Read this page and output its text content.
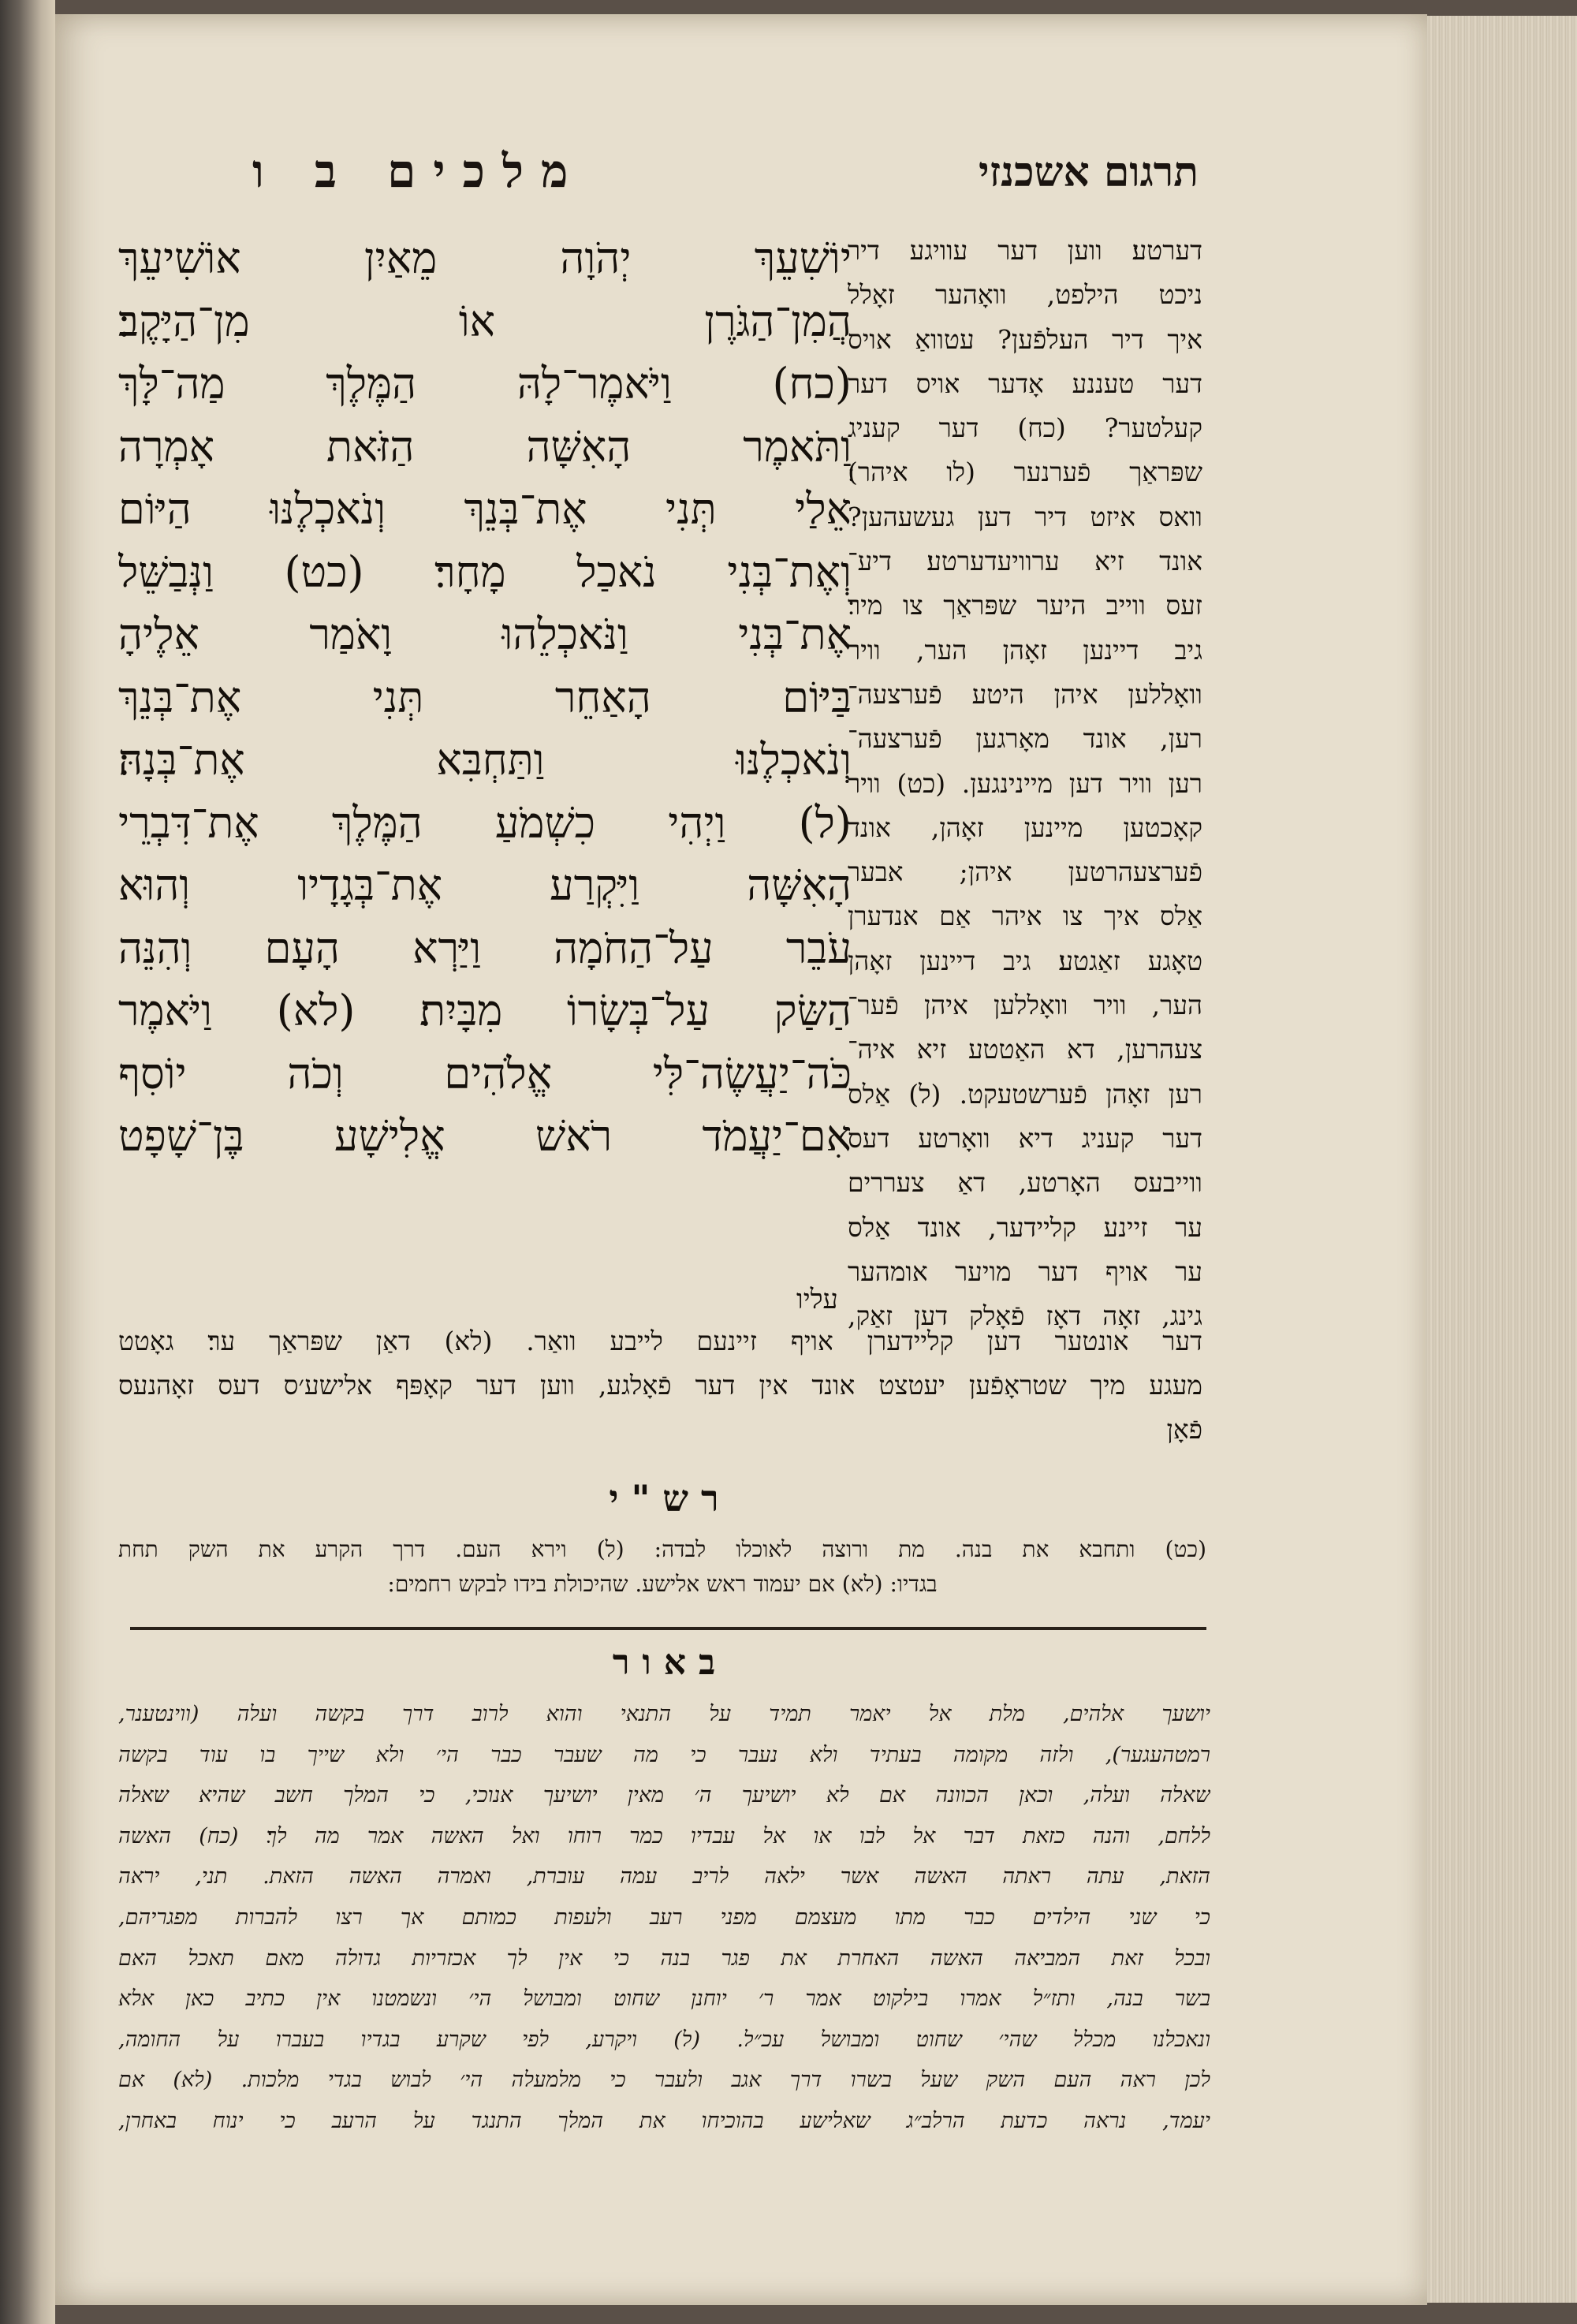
תרגום אשכנזי
מלכים ב ו
יוֹשִׁעֵךְ יְהֹוָה מֵאַיִן אוֹשִׁיעֵךְ
הֲמִן־הַגֹּרֶן אוֹ מִן־הַיָּקֶב׃
(כח) וַיֹּאמֶר־לָהּ הַמֶּלֶךְ מַה־לָּךְ
וַתֹּאמֶר הָאִשָּׁה הַזֹּאת אָמְרָה
אֵלַי תְּנִי אֶת־בְּנֵךְ וְנֹאכְלֶנּוּ הַיּוֹם
וְאֶת־בְּנִי נֹאכַל מָחָר׃ (כט) וַנְּבַשֵּׁל
אֶת־בְּנִי וַנֹּאכְלֵהוּ וָאֹמַר אֵלֶיהָ
בַּיּוֹם הָאַחֵר תְּנִי אֶת־בְּנֵךְ
וְנֹאכְלֶנּוּ וַתַּחְבִּא אֶת־בְּנָהּ׃
(ל) וַיְהִי כִשְׁמֹעַ הַמֶּלֶךְ אֶת־דִּבְרֵי
הָאִשָּׁה וַיִּקְרַע אֶת־בְּגָדָיו וְהוּא
עֹבֵר עַל־הַחֹמָה וַיַּרְא הָעָם וְהִנֵּה
הַשַּׂק עַל־בְּשָׂרוֹ מִבָּיִת׃ (לא) וַיֹּאמֶר
כֹּה־יַעֲשֶׂה־לִּי אֱלֹהִים וְכֹה יוֹסִף
אִם־יַעֲמֹד רֹאשׁ אֱלִישָׁע בֶּן־שָׁפָט
עליו
דערטע׃ ווען דער עוויגע דיר
ניכט הילפט, וואָהער זאָלל
איך דיר העלפֿען? עטוואַ אויס
דער טעננע אָדער אויס דער
קעלטער? (כח) דער קעניג
שפּראַך פֿערנער (לו איהר)׃
וואס איזט דיר דען געשעהען?
אונד זיא ערוויעדערטע׃ דיע־
זעס ווייב היער שפּראַך צו מיר׃
גיב דיינען זאָהן הער, וויר
וואָללען איהן היטע פֿערצעה־
רען, אונד מאָרגען פֿערצעה־
רען וויר דען מיינינגען. (כט) וויר
קאָכטען מיינען זאָהן, אונד
פֿערצעהרטען איהן; אבער
אַלס איך צו איהר אַם אנדערן
טאָגע זאַגטע׃ גיב דיינען זאָהן
הער, וויר וואָללען איהן פֿער־
צעהרען, דא האַטטע זיא איה־
רען זאָהן פֿערשטעקט. (ל) אַלס
דער קעניג דיא וואָרטע דעס
ווייבעס האָרטע, דאַ צעררים
ער זיינע קליידער, אונד אַלס
ער אויף דער מויער אומהער
גינג, זאָה דאָז פֿאָלק דען זאַק,
דער אונטער דען קליידערן אויף זיינעם לייבע וואַר. (לא) דאַן שפּראַך ער׃ גאָטט
מעגע מיך שטראָפֿען יעטצט אונד אין דער פֿאָלגע, ווען דער קאָפּף אלישע׳ס דעס זאָהנעס
פֿאָן
רש"י
(כט) ותחבא את בנה. מת ורוצה לאוכלו לבדה: (ל) וירא העם. דרך הקרע את השק תחת
בגדיו: (לא) אם יעמוד ראש אלישע. שהיכולת בידו לבקש רחמים:
באור
יושעך אלהים, מלת אל יאמר תמיד על התנאי והוא לרוב דרך בקשה ועלה (ווינטענר,
רמטהעגער), ולזה מקומה בעתיד ולא נעבר כי מה שעבר כבר הי׳ ולא שייך בו עוד בקשה
שאלה ועלה, וכאן הכוונה אם לא יושיעך ה׳ מאין יושיעך אנוכי, כי המלך חשב שהיא שאלה
ללחם, והנה כזאת דבר אל לבו או אל עבדיו כמר רוחו ואל האשה אמר מה לך׃ (כח) האשה
הזאת, עתה ראתה האשה אשר ילאה לריב עמה עוברת, ואמרה האשה הזאת. תני, יראה
כי שני הילדים כבר מתו מעצמם מפני רעב ולעפות כמותם אך רצו להברות מפגריהם,
ובכל זאת המביאה האשה האחרת את פגר בנה כי אין לך אכזריות גדולה מאם תאכל האם
בשר בנה, ותז״ל אמרו בילקוט אמר ר׳ יוחנן שחוט ומבושל הי׳ ונשמטנו אין כתיב כאן אלא
ונאכלנו מכלל שהי׳ שחוט ומבושל עכ״ל. (ל) ויקרע, לפי שקרע בגדיו בעברו על החומה,
לכן ראה העם השק שעל בשרו דרך אגב ולעבר כי מלמעלה הי׳ לבוש בגדי מלכות. (לא) אם
יעמד, נראה כדעת הרלב״ג שאלישע בהוכיחו את המלך התנגד על הרעב כי ינוח באחרן,
